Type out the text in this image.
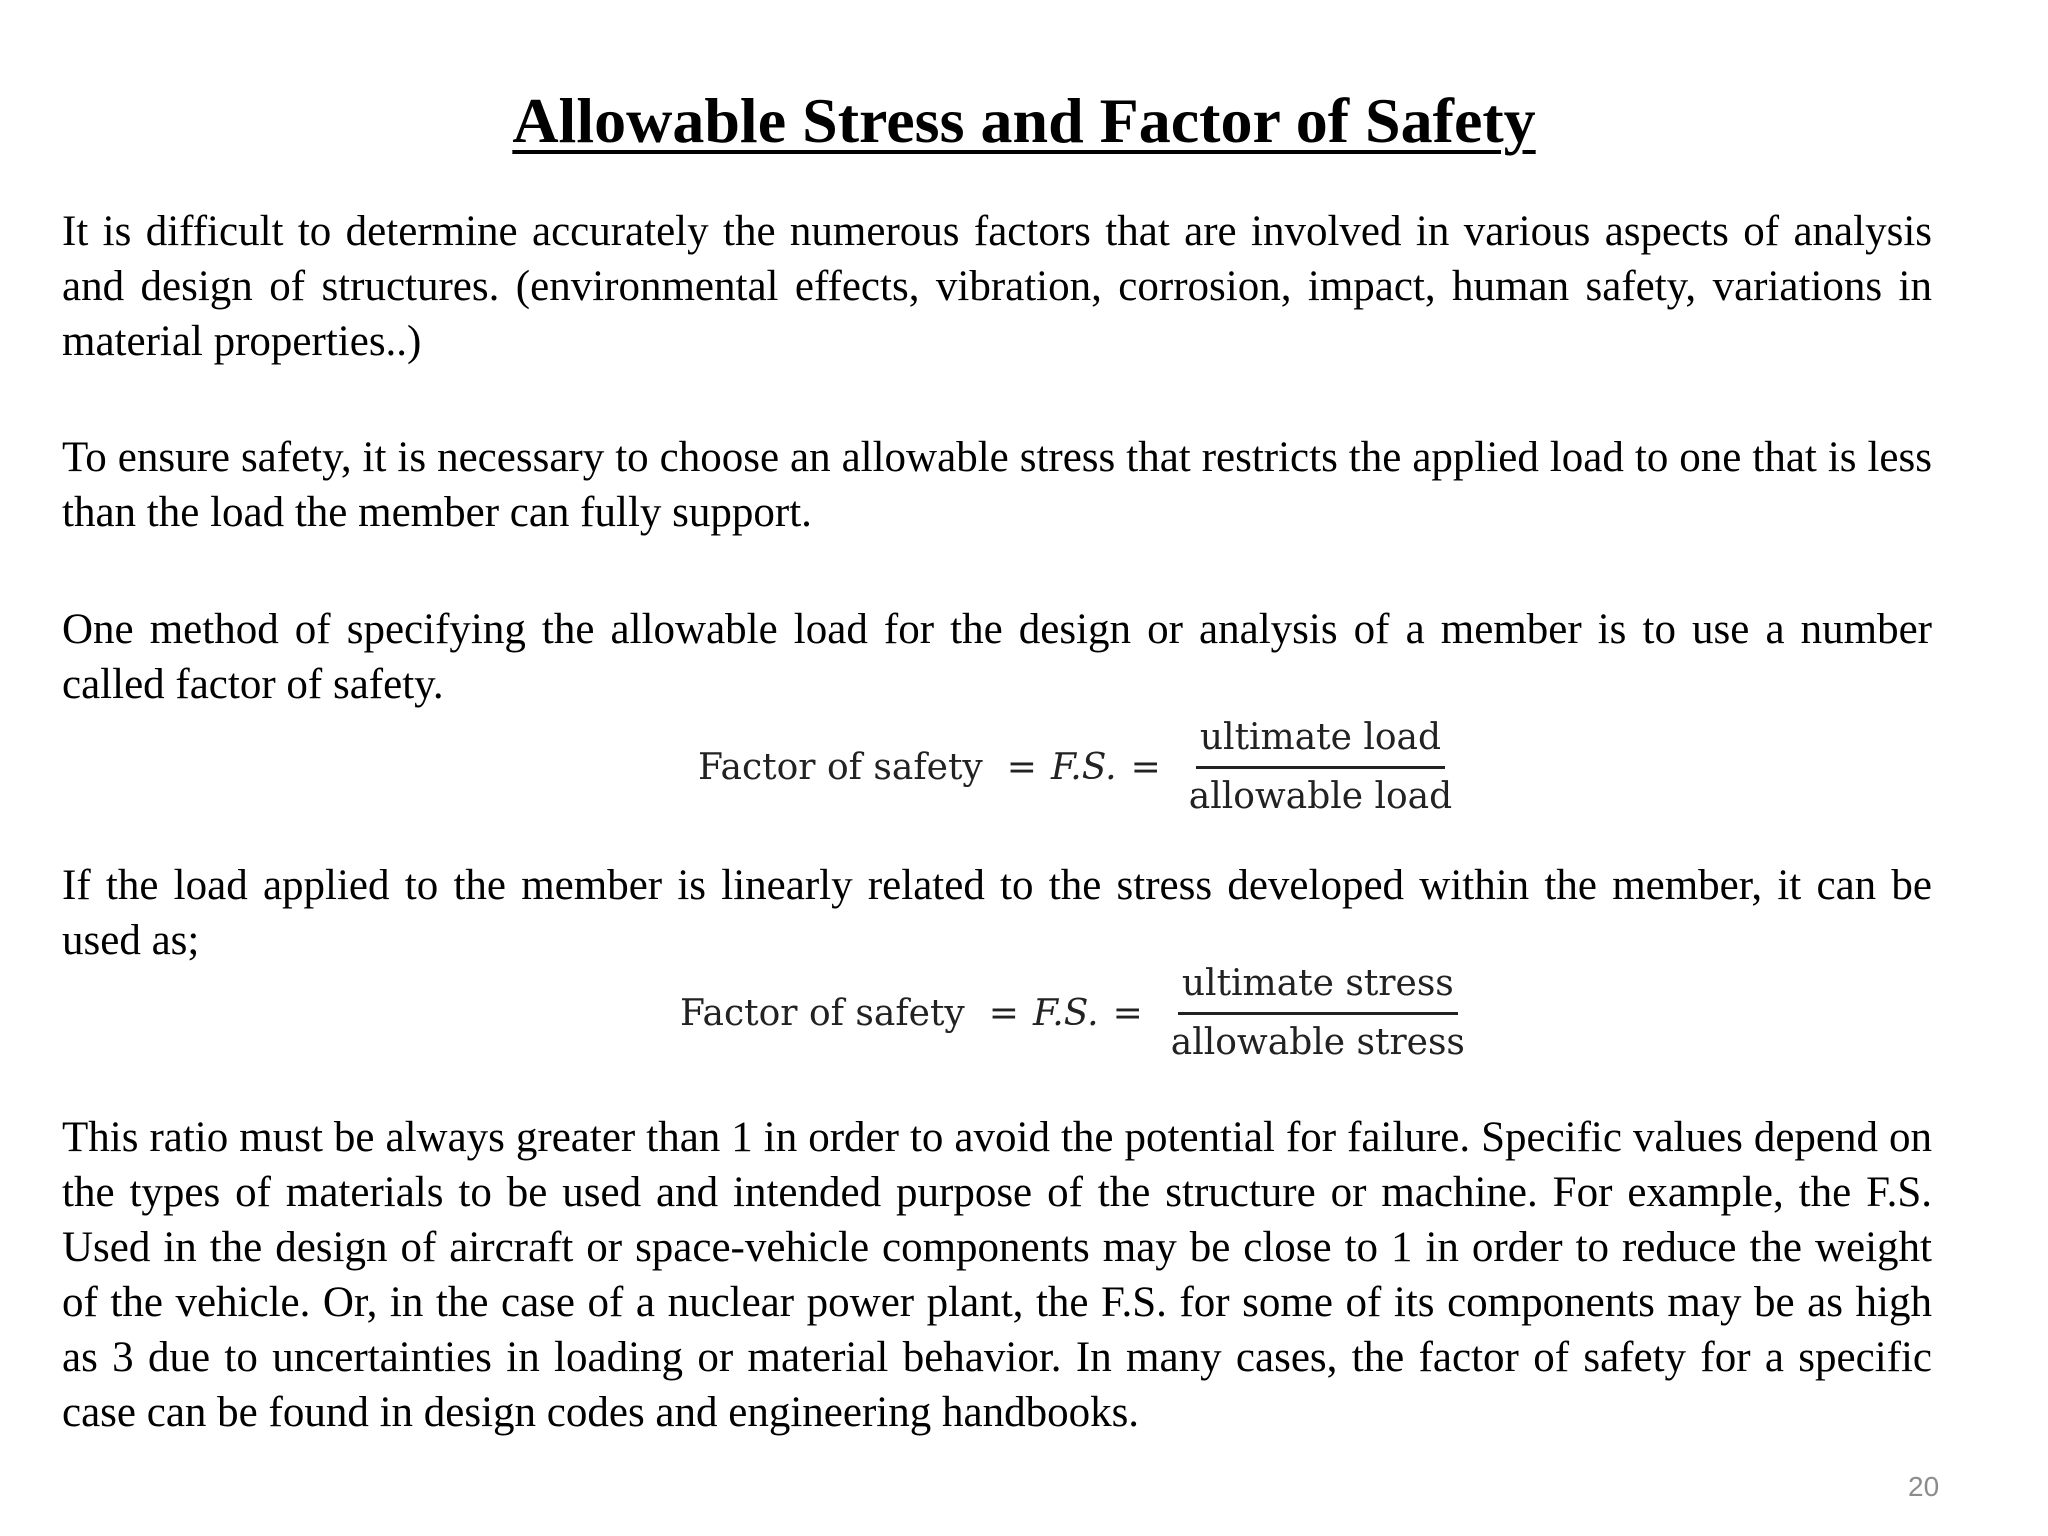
Allowable Stress and Factor of Safety

It is difficult to determine accurately the numerous factors that are involved in various aspects of analysis and design of structures. (environmental effects, vibration, corrosion, impact, human safety, variations in material properties..)

To ensure safety, it is necessary to choose an allowable stress that restricts the applied load to one that is less than the load the member can fully support.

One method of specifying the allowable load for the design or analysis of a member is to use a number called factor of safety.

Factor of safety = F.S. = $\frac{\text{ultimate load}}{\text{allowable load}}$

If the load applied to the member is linearly related to the stress developed within the member, it can be used as;

Factor of safety = F.S. = $\frac{\text{ultimate stress}}{\text{allowable stress}}$

This ratio must be always greater than 1 in order to avoid the potential for failure. Specific values depend on the types of materials to be used and intended purpose of the structure or machine. For example, the F.S. Used in the design of aircraft or space-vehicle components may be close to 1 in order to reduce the weight of the vehicle. Or, in the case of a nuclear power plant, the F.S. for some of its components may be as high as 3 due to uncertainties in loading or material behavior. In many cases, the factor of safety for a specific case can be found in design codes and engineering handbooks.

20
